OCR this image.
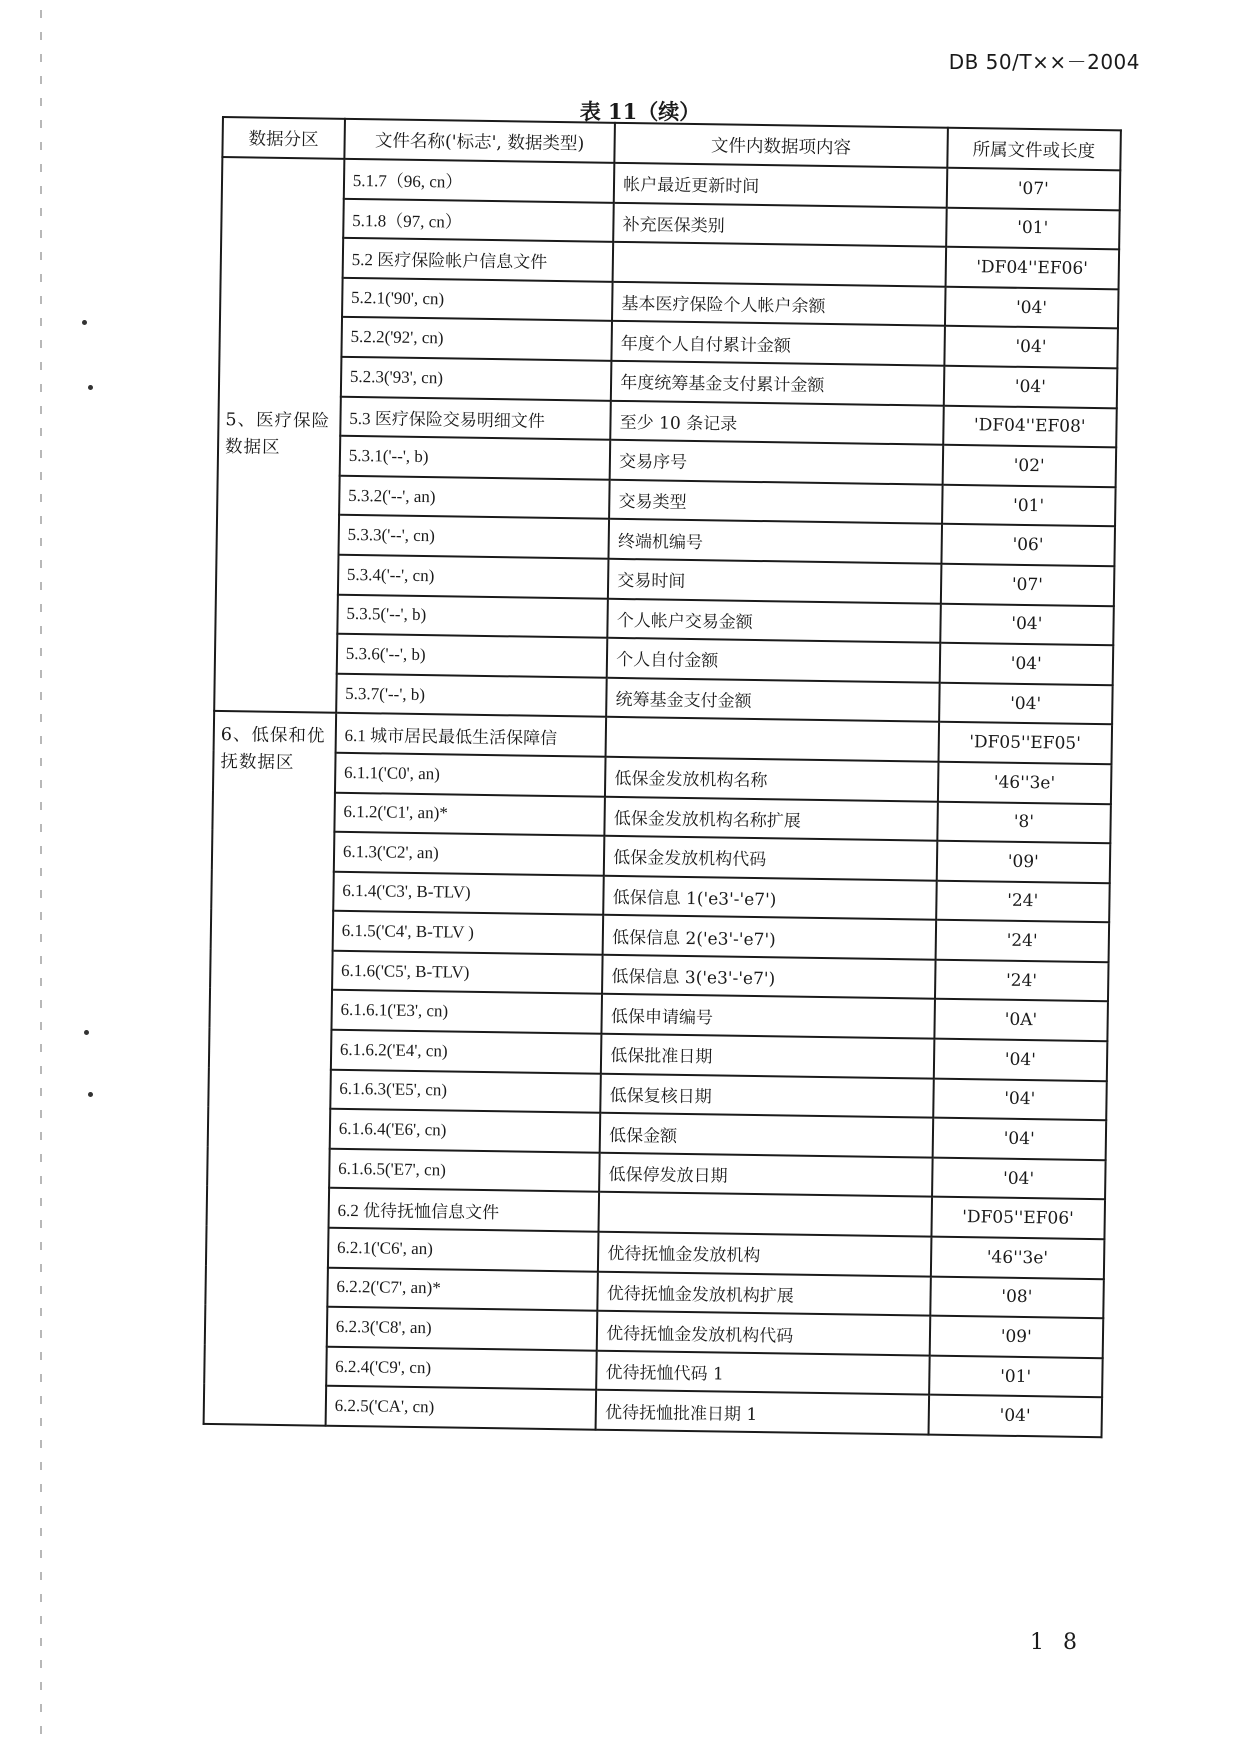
DB 50/T××－2004
表 11（续）
数据分区	文件名称('标志', 数据类型)	文件内数据项内容	所属文件或长度

5、医疗保险数据区	5.1.7（96, cn）	帐户最近更新时间	'07'
	5.1.8（97, cn）	补充医保类别	'01'
	5.2 医疗保险帐户信息文件		'DF04''EF06'
	5.2.1('90', cn)	基本医疗保险个人帐户余额	'04'
	5.2.2('92', cn)	年度个人自付累计金额	'04'
	5.2.3('93', cn)	年度统筹基金支付累计金额	'04'
	5.3 医疗保险交易明细文件	至少 10 条记录	'DF04''EF08'
	5.3.1('--', b)	交易序号	'02'
	5.3.2('--', an)	交易类型	'01'
	5.3.3('--', cn)	终端机编号	'06'
	5.3.4('--', cn)	交易时间	'07'
	5.3.5('--', b)	个人帐户交易金额	'04'
	5.3.6('--', b)	个人自付金额	'04'
	5.3.7('--', b)	统筹基金支付金额	'04'

6、低保和优抚数据区	6.1 城市居民最低生活保障信		'DF05''EF05'
	6.1.1('C0', an)	低保金发放机构名称	'46''3e'
	6.1.2('C1', an)*	低保金发放机构名称扩展	'8'
	6.1.3('C2', an)	低保金发放机构代码	'09'
	6.1.4('C3', B-TLV)	低保信息 1('e3'-'e7')	'24'
	6.1.5('C4', B-TLV )	低保信息 2('e3'-'e7')	'24'
	6.1.6('C5', B-TLV)	低保信息 3('e3'-'e7')	'24'
	6.1.6.1('E3', cn)	低保申请编号	'0A'
	6.1.6.2('E4', cn)	低保批准日期	'04'
	6.1.6.3('E5', cn)	低保复核日期	'04'
	6.1.6.4('E6', cn)	低保金额	'04'
	6.1.6.5('E7', cn)	低保停发放日期	'04'
	6.2 优待抚恤信息文件		'DF05''EF06'
	6.2.1('C6', an)	优待抚恤金发放机构	'46''3e'
	6.2.2('C7', an)*	优待抚恤金发放机构扩展	'08'
	6.2.3('C8', an)	优待抚恤金发放机构代码	'09'
	6.2.4('C9', cn)	优待抚恤代码 1	'01'
	6.2.5('CA', cn)	优待抚恤批准日期 1	'04'
1 8
